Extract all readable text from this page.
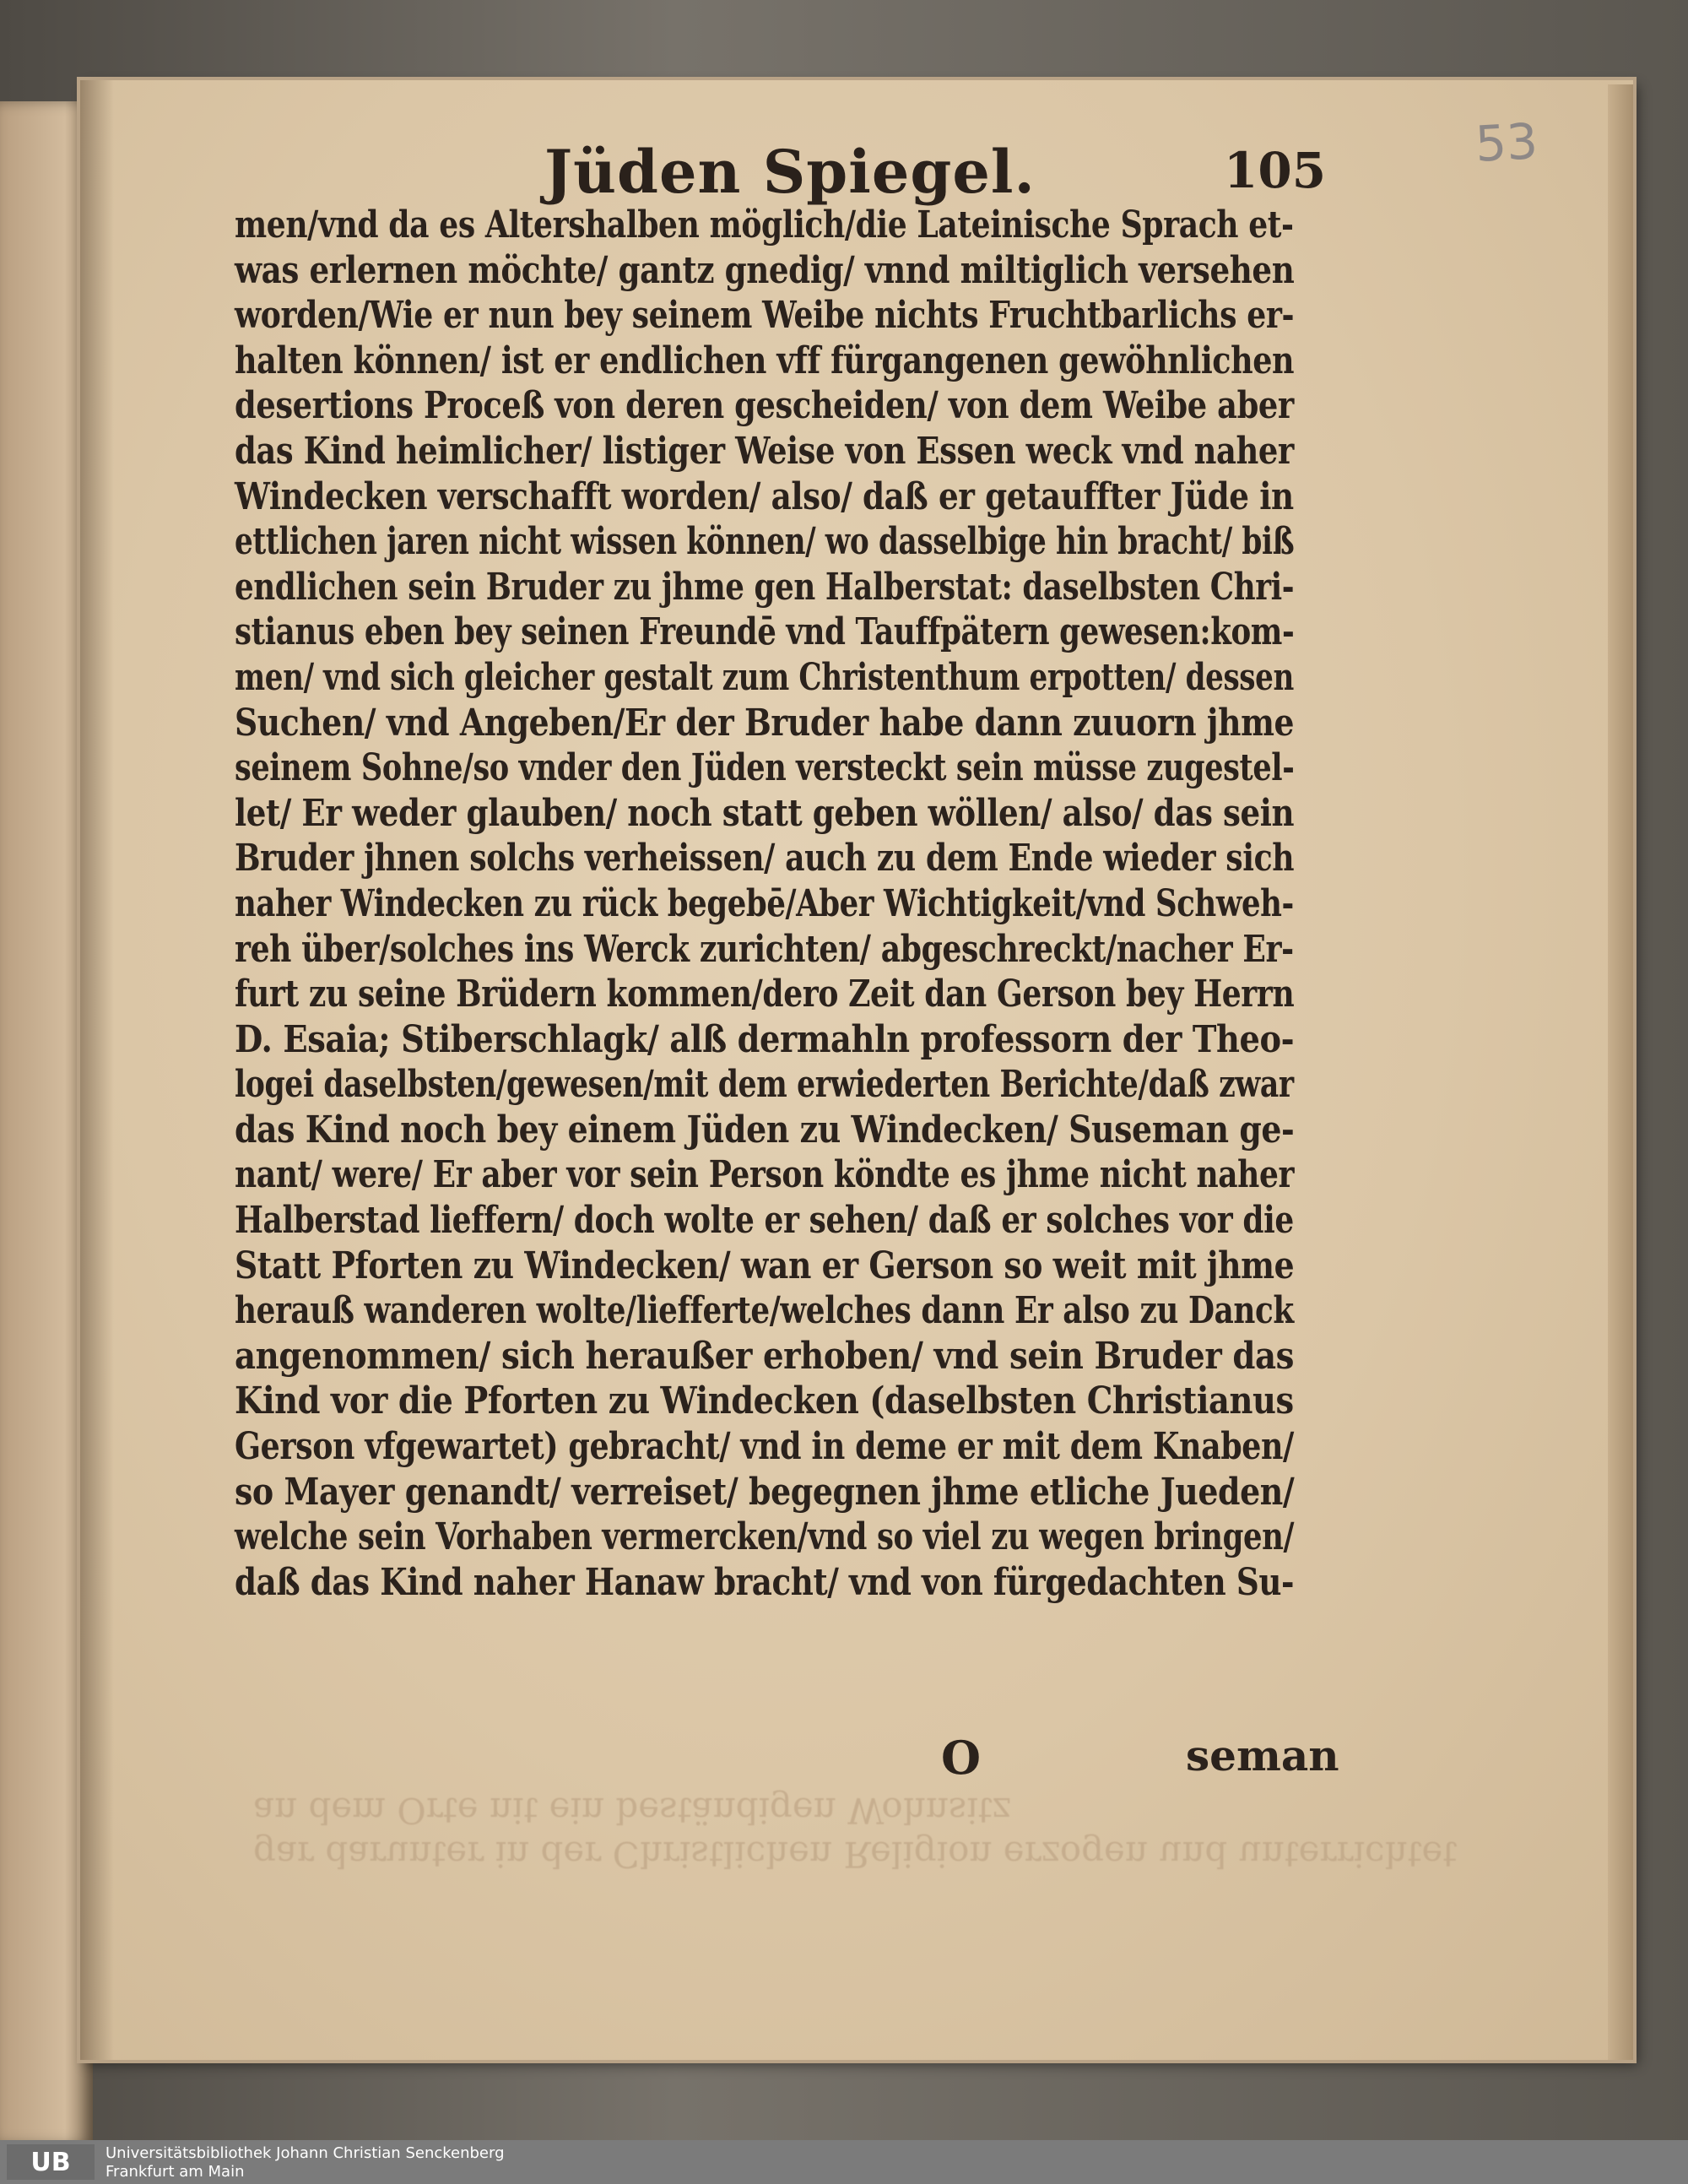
53
Jüden Spiegel.	105
men/vnd da es Altershalben möglich/die Lateinische Sprach et-
was erlernen möchte/ gantz gnedig/ vnnd miltiglich versehen
worden/Wie er nun bey seinem Weibe nichts Fruchtbarlichs er-
halten können/ ist er endlichen vff fürgangenen gewöhnlichen
desertions Proceß von deren gescheiden/ von dem Weibe aber
das Kind heimlicher/ listiger Weise von Essen weck vnd naher
Windecken verschafft worden/ also/ daß er getauffter Jüde in
ettlichen jaren nicht wissen können/ wo dasselbige hin bracht/ biß
endlichen sein Bruder zu jhme gen Halberstat: daselbsten Chri-
stianus eben bey seinen Freundē vnd Tauffpätern gewesen:kom-
men/ vnd sich gleicher gestalt zum Christenthum erpotten/ dessen
Suchen/ vnd Angeben/Er der Bruder habe dann zuuorn jhme
seinem Sohne/so vnder den Jüden versteckt sein müsse zugestel-
let/ Er weder glauben/ noch statt geben wöllen/ also/ das sein
Bruder jhnen solchs verheissen/ auch zu dem Ende wieder sich
naher Windecken zu rück begebē/Aber Wichtigkeit/vnd Schweh-
reh über/solches ins Werck zurichten/ abgeschreckt/nacher Er-
furt zu seine Brüdern kommen/dero Zeit dan Gerson bey Herrn
D. Esaia; Stiberschlagk/ alß dermahln professorn der Theo-
logei daselbsten/gewesen/mit dem erwiederten Berichte/daß zwar
das Kind noch bey einem Jüden zu Windecken/ Suseman ge-
nant/ were/ Er aber vor sein Person köndte es jhme nicht naher
Halberstad lieffern/ doch wolte er sehen/ daß er solches vor die
Statt Pforten zu Windecken/ wan er Gerson so weit mit jhme
herauß wanderen wolte/liefferte/welches dann Er also zu Danck
angenommen/ sich heraußer erhoben/ vnd sein Bruder das
Kind vor die Pforten zu Windecken (daselbsten Christianus
Gerson vfgewartet) gebracht/ vnd in deme er mit dem Knaben/
so Mayer genandt/ verreiset/ begegnen jhme etliche Jueden/
welche sein Vorhaben vermercken/vnd so viel zu wegen bringen/
daß das Kind naher Hanaw bracht/ vnd von fürgedachten Su-
O	seman
gar darunter in der Christlichen Religion erzogen und unterrichtet
an dem Orte nit ein beständigen Wohnsitz
UB	Universitätsbibliothek Johann Christian Senckenberg
Frankfurt am Main
